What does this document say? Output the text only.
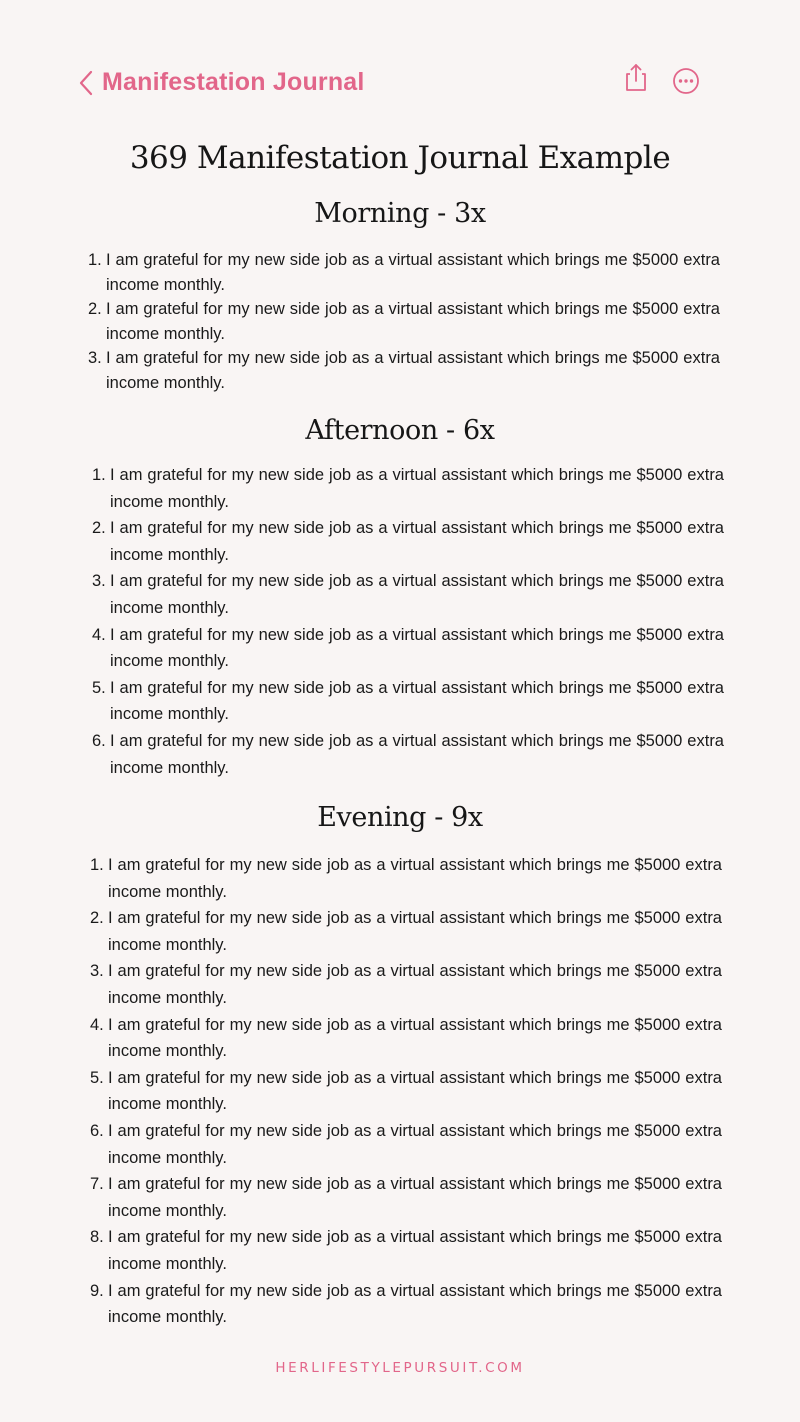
Manifestation Journal
369 Manifestation Journal Example
Morning - 3x
1. I am grateful for my new side job as a virtual assistant which brings me $5000 extra income monthly.
2. I am grateful for my new side job as a virtual assistant which brings me $5000 extra income monthly.
3. I am grateful for my new side job as a virtual assistant which brings me $5000 extra income monthly.
Afternoon - 6x
1. I am grateful for my new side job as a virtual assistant which brings me $5000 extra income monthly.
2. I am grateful for my new side job as a virtual assistant which brings me $5000 extra income monthly.
3. I am grateful for my new side job as a virtual assistant which brings me $5000 extra income monthly.
4. I am grateful for my new side job as a virtual assistant which brings me $5000 extra income monthly.
5. I am grateful for my new side job as a virtual assistant which brings me $5000 extra income monthly.
6. I am grateful for my new side job as a virtual assistant which brings me $5000 extra income monthly.
Evening - 9x
1. I am grateful for my new side job as a virtual assistant which brings me $5000 extra income monthly.
2. I am grateful for my new side job as a virtual assistant which brings me $5000 extra income monthly.
3. I am grateful for my new side job as a virtual assistant which brings me $5000 extra income monthly.
4. I am grateful for my new side job as a virtual assistant which brings me $5000 extra income monthly.
5. I am grateful for my new side job as a virtual assistant which brings me $5000 extra income monthly.
6. I am grateful for my new side job as a virtual assistant which brings me $5000 extra income monthly.
7. I am grateful for my new side job as a virtual assistant which brings me $5000 extra income monthly.
8. I am grateful for my new side job as a virtual assistant which brings me $5000 extra income monthly.
9. I am grateful for my new side job as a virtual assistant which brings me $5000 extra income monthly.
HERLIFESTYLEPURSUIT.COM
